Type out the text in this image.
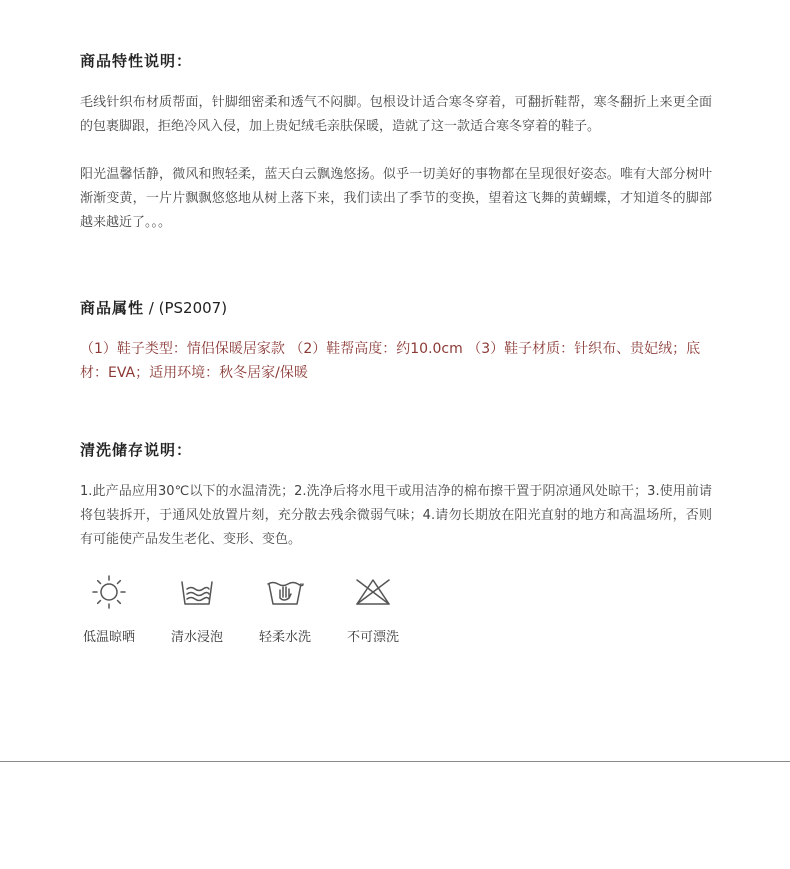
商品特性说明：

毛线针织布材质帮面，针脚细密柔和透气不闷脚。包根设计适合寒冬穿着，可翻折鞋帮，寒冬翻折上来更全面的包裹脚跟，拒绝冷风入侵，加上贵妃绒毛亲肤保暖，造就了这一款适合寒冬穿着的鞋子。

阳光温馨恬静，微风和煦轻柔，蓝天白云飘逸悠扬。似乎一切美好的事物都在呈现很好姿态。唯有大部分树叶渐渐变黄，一片片飘飘悠悠地从树上落下来，我们读出了季节的变换，望着这飞舞的黄蝴蝶，才知道冬的脚部越来越近了。。。

商品属性 / (PS2007)

（1）鞋子类型：情侣保暖居家款 （2）鞋帮高度：约10.0cm （3）鞋子材质：针织布、贵妃绒；底材：EVA；适用环境：秋冬居家/保暖

清洗储存说明：

1.此产品应用30℃以下的水温清洗；2.洗净后将水甩干或用洁净的棉布擦干置于阴凉通风处晾干；3.使用前请将包装拆开，于通风处放置片刻，充分散去残余微弱气味；4.请勿长期放在阳光直射的地方和高温场所，否则有可能使产品发生老化、变形、变色。

低温晾晒	清水浸泡	轻柔水洗	不可漂洗
